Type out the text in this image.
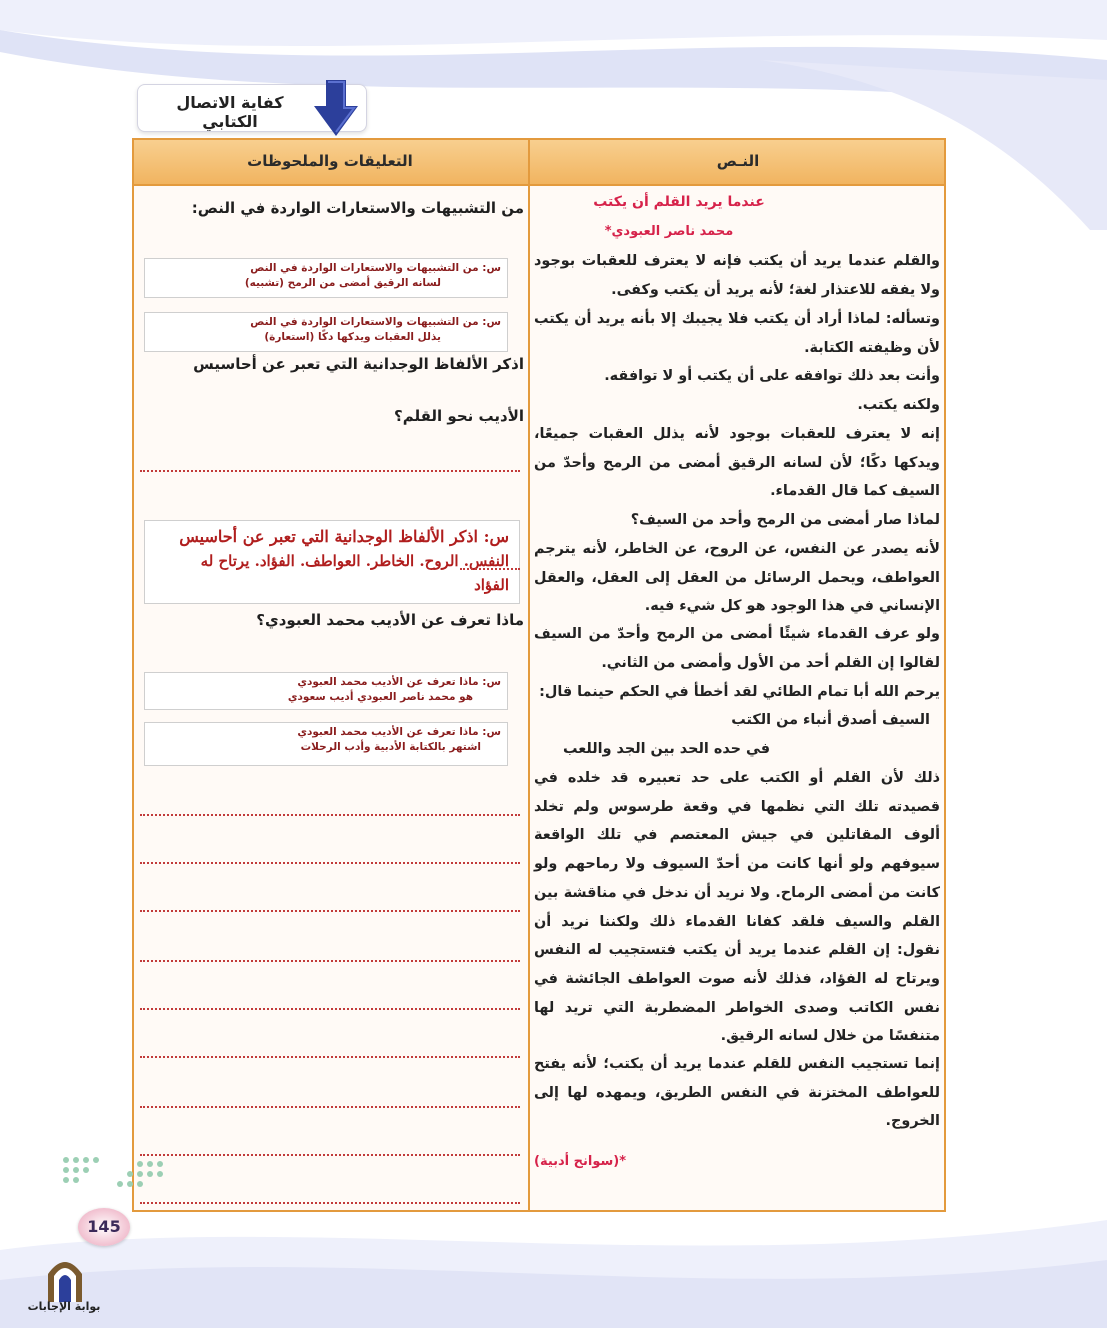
كفاية الاتصال الكتابي
النـص
التعليقات والملحوظات
عندما يريد القلم أن يكتب
محمد ناصر العبودي*
والقلم عندما يريد أن يكتب فإنه لا يعترف للعقبات بوجود ولا يفقه للاعتذار لغة؛ لأنه يريد أن يكتب وكفى.
وتسأله: لماذا أراد أن يكتب فلا يجيبك إلا بأنه يريد أن يكتب لأن وظيفته الكتابة.
وأنت بعد ذلك توافقه على أن يكتب أو لا توافقه.
ولكنه يكتب.
إنه لا يعترف للعقبات بوجود لأنه يذلل العقبات جميعًا، ويدكها دكًا؛ لأن لسانه الرقيق أمضى من الرمح وأحدّ من السيف كما قال القدماء.
لماذا صار أمضى من الرمح وأحد من السيف؟
لأنه يصدر عن النفس، عن الروح، عن الخاطر، لأنه يترجم العواطف، ويحمل الرسائل من العقل إلى العقل، والعقل الإنساني في هذا الوجود هو كل شيء فيه.
ولو عرف القدماء شيئًا أمضى من الرمح وأحدّ من السيف لقالوا إن القلم أحد من الأول وأمضى من الثاني.
يرحم الله أبا تمام الطائي لقد أخطأ في الحكم حينما قال:
السيف أصدق أنباء من الكتب
في حده الحد بين الجد واللعب
ذلك لأن القلم أو الكتب على حد تعبيره قد خلده في قصيدته تلك التي نظمها في وقعة طرسوس ولم تخلد ألوف المقاتلين في جيش المعتصم في تلك الواقعة سيوفهم ولو أنها كانت من أحدّ السيوف ولا رماحهم ولو كانت من أمضى الرماح. ولا نريد أن ندخل في مناقشة بين القلم والسيف فلقد كفانا القدماء ذلك ولكننا نريد أن نقول: إن القلم عندما يريد أن يكتب فتستجيب له النفس ويرتاح له الفؤاد، فذلك لأنه صوت العواطف الجائشة في نفس الكاتب وصدى الخواطر المضطربة التي تريد لها متنفسًا من خلال لسانه الرقيق.
إنما تستجيب النفس للقلم عندما يريد أن يكتب؛ لأنه يفتح للعواطف المختزنة في النفس الطريق، ويمهده لها إلى الخروج.
*(سوانح أدبية)
من التشبيهات والاستعارات الواردة في النص:
س: من التشبيهات والاستعارات الواردة في النص
لسانه الرقيق أمضى من الرمح (تشبيه)
س: من التشبيهات والاستعارات الواردة في النص
يذلل العقبات ويدكها دكًا (استعارة)
اذكر الألفاظ الوجدانية التي تعبر عن أحاسيس
الأديب نحو القلم؟
س: اذكر الألفاظ الوجدانية التي تعبر عن أحاسيس
النفس. الروح. الخاطر. العواطف. الفؤاد. يرتاح له
الفؤاد
ماذا تعرف عن الأديب محمد العبودي؟
س: ماذا تعرف عن الأديب محمد العبودي
هو محمد ناصر العبودي أديب سعودي
س: ماذا تعرف عن الأديب محمد العبودي
اشتهر بالكتابة الأدبية وأدب الرحلات
145
بوابة الإجابات
